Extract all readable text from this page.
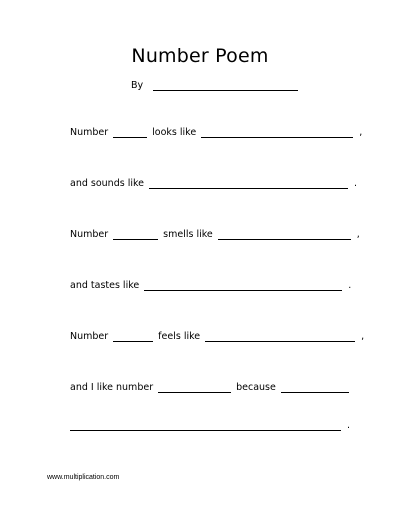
Number Poem
By
Number	looks like	,
and sounds like	.
Number	smells like	,
and tastes like	.
Number	feels like	,
and I like number	because
.
www.multiplication.com
